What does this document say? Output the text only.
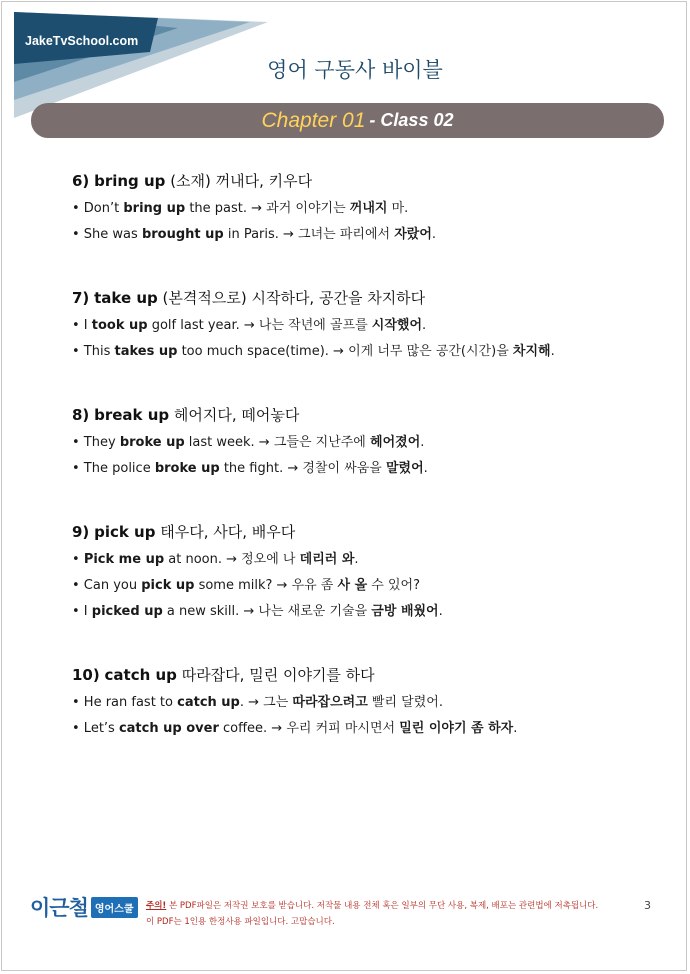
JakeTvSchool.com
영어 구동사 바이블
Chapter 01 - Class 02
6) bring up (소재) 꺼내다, 키우다
• Don’t bring up the past. → 과거 이야기는 꺼내지 마.
• She was brought up in Paris. → 그녀는 파리에서 자랐어.
7) take up (본격적으로) 시작하다, 공간을 차지하다
• I took up golf last year. → 나는 작년에 골프를 시작했어.
• This takes up too much space(time). → 이게 너무 많은 공간(시간)을 차지해.
8) break up 헤어지다, 떼어놓다
• They broke up last week. → 그들은 지난주에 헤어졌어.
• The police broke up the fight. → 경찰이 싸움을 말렸어.
9) pick up 태우다, 사다, 배우다
• Pick me up at noon. → 정오에 나 데리러 와.
• Can you pick up some milk? → 우유 좀 사 올 수 있어?
• I picked up a new skill. → 나는 새로운 기술을 금방 배웠어.
10) catch up 따라잡다, 밀린 이야기를 하다
• He ran fast to catch up. → 그는 따라잡으려고 빨리 달렸어.
• Let’s catch up over coffee. → 우리 커피 마시면서 밀린 이야기 좀 하자.
이근철 영어스쿨	주의! 본 PDF파일은 저작권 보호를 받습니다. 저작물 내용 전체 혹은 일부의 무단 사용, 복제, 배포는 관련법에 저촉됩니다.
이 PDF는 1인용 한정사용 파일입니다. 고맙습니다.
3
